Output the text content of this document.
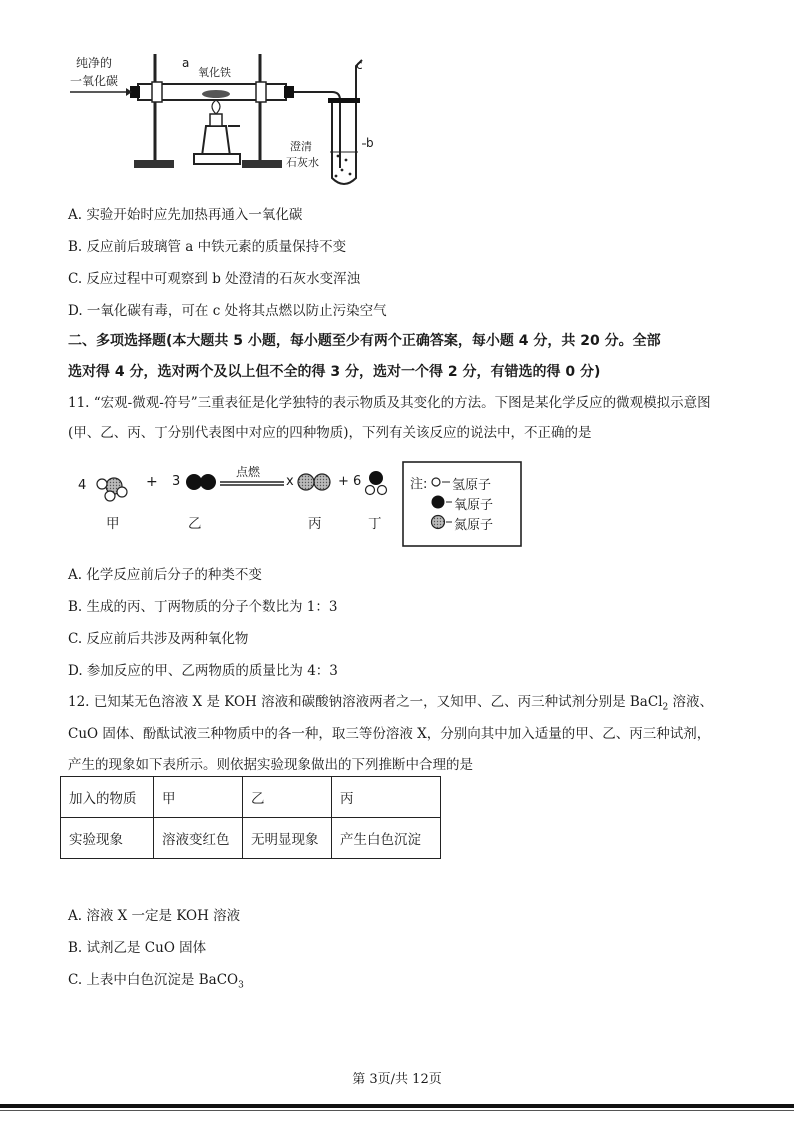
纯净的
一氧化碳
a
氧化铁
c
b
澄清
石灰水
A. 实验开始时应先加热再通入一氧化碳
B. 反应前后玻璃管 a 中铁元素的质量保持不变
C. 反应过程中可观察到 b 处澄清的石灰水变浑浊
D. 一氧化碳有毒，可在 c 处将其点燃以防止污染空气
二、多项选择题(本大题共 5 小题，每小题至少有两个正确答案，每小题 4 分，共 20 分。全部
选对得 4 分，选对两个及以上但不全的得 3 分，选对一个得 2 分，有错选的得 0 分)
11. “宏观-微观-符号”三重表征是化学独特的表示物质及其变化的方法。下图是某化学反应的微观模拟示意图(甲、乙、丙、丁分别代表图中对应的四种物质)，下列有关该反应的说法中，不正确的是
4	+ 3
点燃
x	+ 6
甲	乙	丙	丁
注: 氢原子
氧原子
氮原子
A. 化学反应前后分子的种类不变
B. 生成的丙、丁两物质的分子个数比为 1：3
C. 反应前后共涉及两种氧化物
D. 参加反应的甲、乙两物质的质量比为 4：3
12. 已知某无色溶液 X 是 KOH 溶液和碳酸钠溶液两者之一，又知甲、乙、丙三种试剂分别是 BaCl$_2$ 溶液、
CuO 固体、酚酞试液三种物质中的各一种，取三等份溶液 X，分别向其中加入适量的甲、乙、丙三种试剂，
产生的现象如下表所示。则依据实验现象做出的下列推断中合理的是
加入的物质	甲	乙	丙
实验现象	溶液变红色	无明显现象	产生白色沉淀
A. 溶液 X 一定是 KOH 溶液
B. 试剂乙是 CuO 固体
C. 上表中白色沉淀是 BaCO$_3$
第 3页/共 12页
